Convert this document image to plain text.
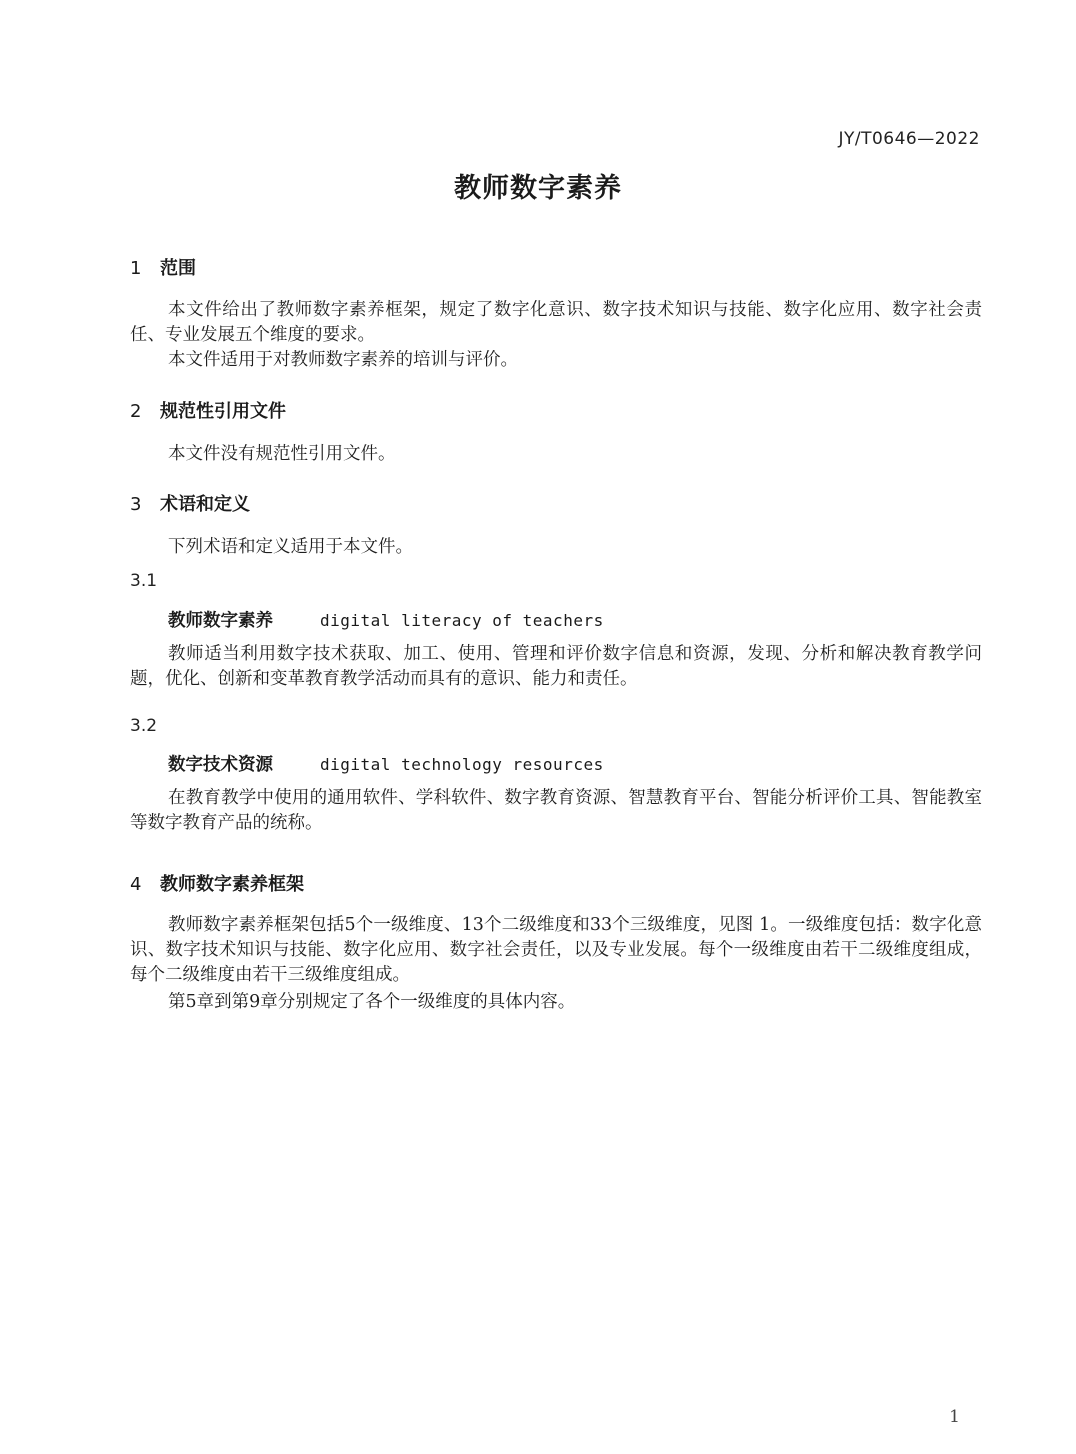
JY/T0646—2022
教师数字素养
1 范围

本文件给出了教师数字素养框架，规定了数字化意识、数字技术知识与技能、数字化应用、数字社会责任、专业发展五个维度的要求。

本文件适用于对教师数字素养的培训与评价。

2 规范性引用文件

本文件没有规范性引用文件。

3 术语和定义

下列术语和定义适用于本文件。

3.1
教师数字素养	digital literacy of teachers

教师适当利用数字技术获取、加工、使用、管理和评价数字信息和资源，发现、分析和解决教育教学问题，优化、创新和变革教育教学活动而具有的意识、能力和责任。

3.2
数字技术资源	digital technology resources

在教育教学中使用的通用软件、学科软件、数字教育资源、智慧教育平台、智能分析评价工具、智能教室等数字教育产品的统称。

4 教师数字素养框架

教师数字素养框架包括5个一级维度、13个二级维度和33个三级维度，见图 1。一级维度包括：数字化意识、数字技术知识与技能、数字化应用、数字社会责任，以及专业发展。每个一级维度由若干二级维度组成，每个二级维度由若干三级维度组成。

第5章到第9章分别规定了各个一级维度的具体内容。

1
